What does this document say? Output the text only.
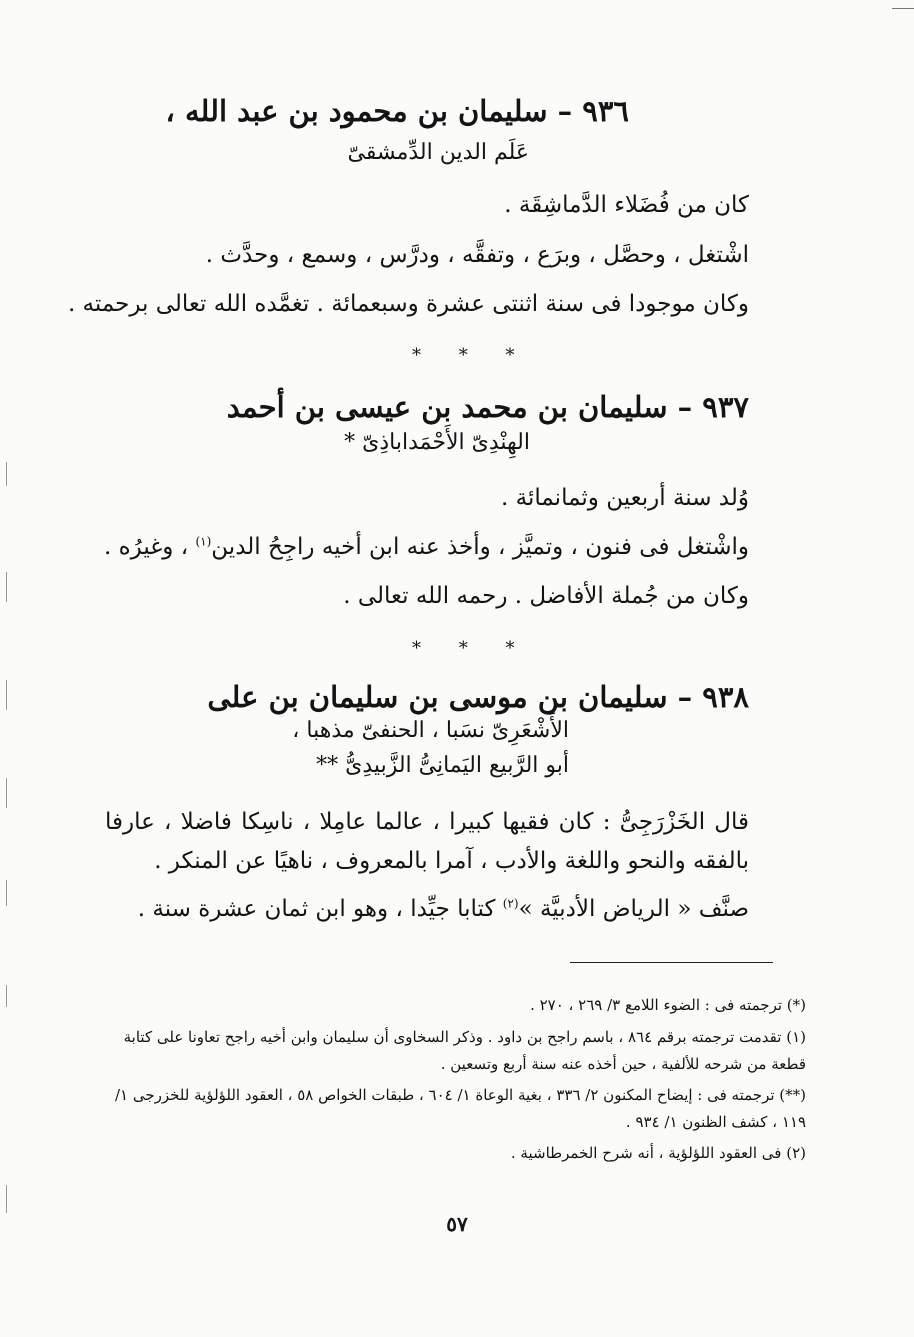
٩٣٦ – سليمان بن محمود بن عبد الله ،
عَلَم الدين الدِّمشقىّ
كان من فُضَلاء الدَّماشِقَة .
اشْتغل ، وحصَّل ، وبرَع ، وتفقَّه ، ودرَّس ، وسمع ، وحدَّث .
وكان موجودا فى سنة اثنتى عشرة وسبعمائة . تغمَّده الله تعالى برحمته .
* * *
٩٣٧ – سليمان بن محمد بن عيسى بن أحمد
الهِنْدِىّ الأَحْمَداباذِىّ *
وُلد سنة أربعين وثمانمائة .
واشْتغل فى فنون ، وتميَّز ، وأخذ عنه ابن أخيه راجِحُ الدين$^{(١)}$ ، وغيرُه .
وكان من جُملة الأفاضل . رحمه الله تعالى .
* * *
٩٣٨ – سليمان بن موسى بن سليمان بن على
الأَشْعَرِىّ نسَبا ، الحنفىّ مذهبا ،
أبو الرَّبيع اليَمانِىُّ الزَّبيدِىُّ **
قال الخَزْرَجِىُّ : كان فقيها كبيرا ، عالما عامِلا ، ناسِكا فاضلا ، عارفا بالفقه والنحو واللغة والأدب ، آمرا بالمعروف ، ناهيًا عن المنكر .
صنَّف « الرياض الأدبيَّة »$^{(٢)}$ كتابا جيِّدا ، وهو ابن ثمان عشرة سنة .
(*) ترجمته فى : الضوء اللامع ٣/ ٢٦٩ ، ٢٧٠ .
(١) تقدمت ترجمته برقم ٨٦٤ ، باسم راجح بن داود . وذكر السخاوى أن سليمان وابن أخيه راجح تعاونا على كتابة قطعة من شرحه للألفية ، حين أخذه عنه سنة أربع وتسعين .
(**) ترجمته فى : إيضاح المكنون ٢/ ٣٣٦ ، بغية الوعاة ١/ ٦٠٤ ، طبقات الخواص ٥٨ ، العقود اللؤلؤية للخزرجى ١/ ١١٩ ، كشف الظنون ١/ ٩٣٤ .
(٢) فى العقود اللؤلؤية ، أنه شرح الخمرطاشية .
٥٧
